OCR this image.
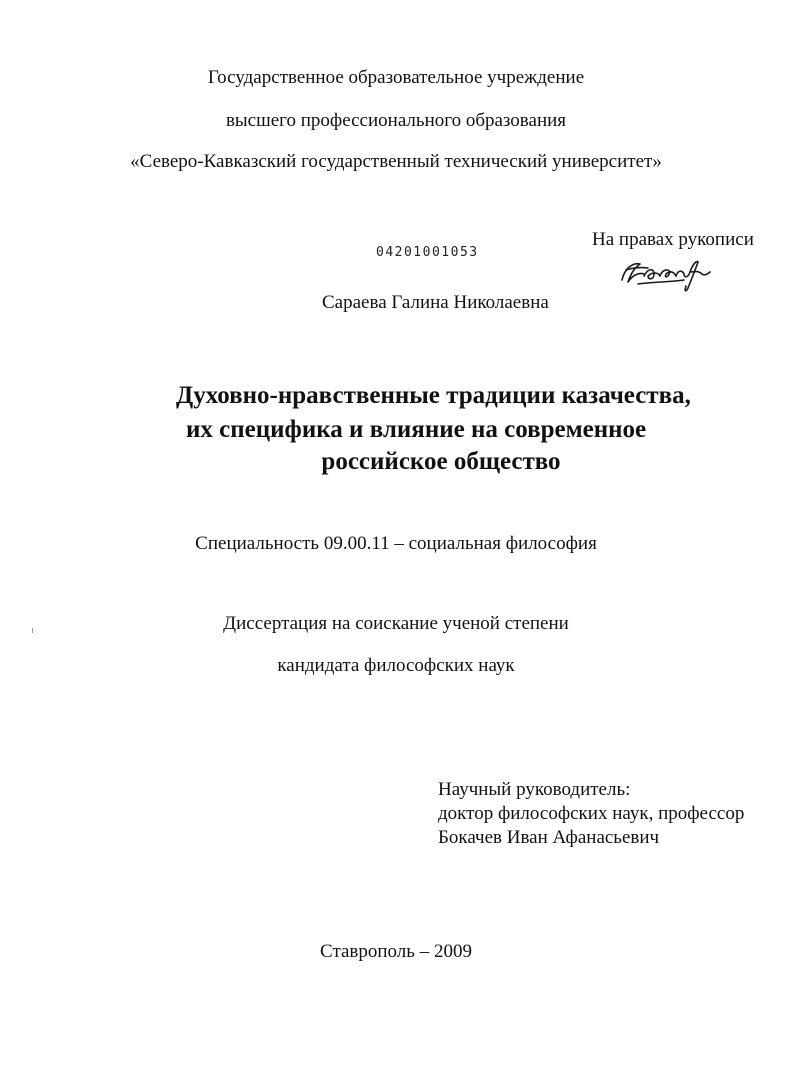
Государственное образовательное учреждение
высшего профессионального образования
«Северо-Кавказский государственный технический университет»
04201001053
На правах рукописи
Сараева Галина Николаевна
Духовно-нравственные традиции казачества,
их специфика и влияние на современное
российское общество
Специальность 09.00.11 – социальная философия
Диссертация на соискание ученой степени
кандидата философских наук
Научный руководитель:
доктор философских наук, профессор
Бокачев Иван Афанасьевич
Ставрополь – 2009
